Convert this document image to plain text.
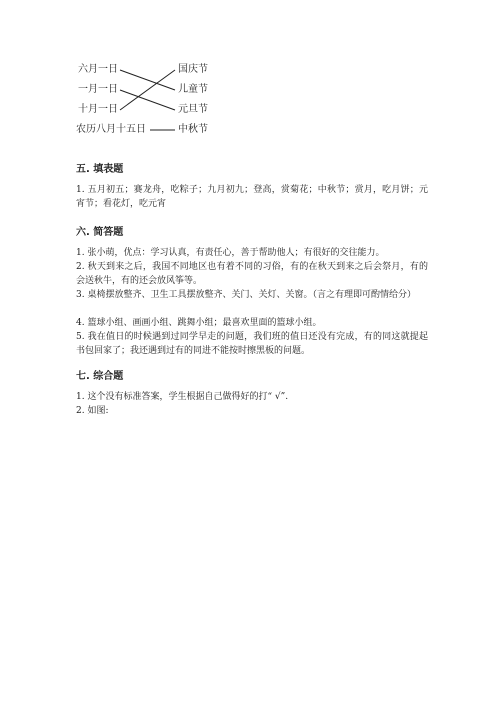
六月一日
一月一日
十月一日
农历八月十五日
国庆节
儿童节
元旦节
中秋节
五. 填表题
1. 五月初五；赛龙舟，吃粽子；九月初九；登高，赏菊花；中秋节；赏月，吃月饼；元宵节；看花灯，吃元宵
六. 简答题
1. 张小萌，优点：学习认真，有责任心，善于帮助他人；有很好的交往能力。
2. 秋天到来之后，我国不同地区也有着不同的习俗，有的在秋天到来之后会祭月，有的会送秋牛，有的还会放风筝等。
3. 桌椅摆放整齐、卫生工具摆放整齐、关门、关灯、关窗。（言之有理即可酌情给分）
4. 篮球小组、画画小组、跳舞小组；最喜欢里面的篮球小组。
5. 我在值日的时候遇到过同学早走的问题，我们班的值日还没有完成，有的同这就提起书包回家了；我还遇到过有的同进不能按时擦黑板的问题。
七. 综合题
1. 这个没有标准答案，学生根据自己做得好的打“ √”.
2. 如图:
